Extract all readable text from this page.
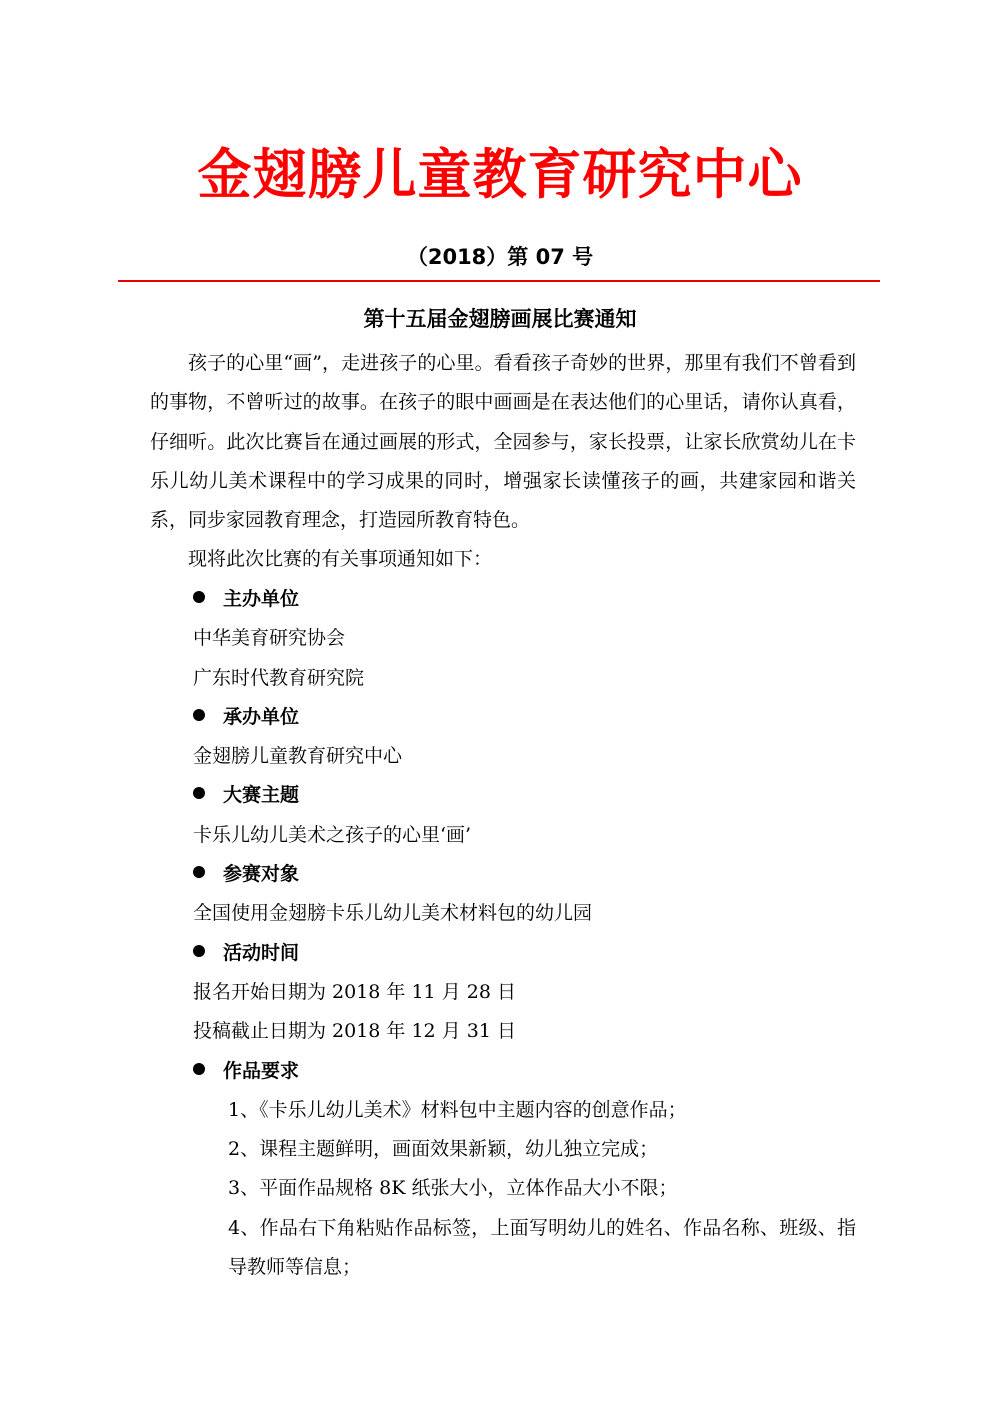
金翅膀儿童教育研究中心
（2018）第 07 号
第十五届金翅膀画展比赛通知

孩子的心里“画”，走进孩子的心里。看看孩子奇妙的世界，那里有我们不曾看到的事物，不曾听过的故事。在孩子的眼中画画是在表达他们的心里话，请你认真看，仔细听。此次比赛旨在通过画展的形式，全园参与，家长投票，让家长欣赏幼儿在卡乐儿幼儿美术课程中的学习成果的同时，增强家长读懂孩子的画，共建家园和谐关系，同步家园教育理念，打造园所教育特色。

现将此次比赛的有关事项通知如下：

主办单位
中华美育研究协会
广东时代教育研究院
承办单位
金翅膀儿童教育研究中心
大赛主题
卡乐儿幼儿美术之孩子的心里‘画’
参赛对象
全国使用金翅膀卡乐儿幼儿美术材料包的幼儿园
活动时间
报名开始日期为 2018 年 11 月 28 日
投稿截止日期为 2018 年 12 月 31 日
作品要求
1、《卡乐儿幼儿美术》材料包中主题内容的创意作品；
2、课程主题鲜明，画面效果新颖，幼儿独立完成；
3、平面作品规格 8K 纸张大小，立体作品大小不限；
4、作品右下角粘贴作品标签，上面写明幼儿的姓名、作品名称、班级、指导教师等信息；
